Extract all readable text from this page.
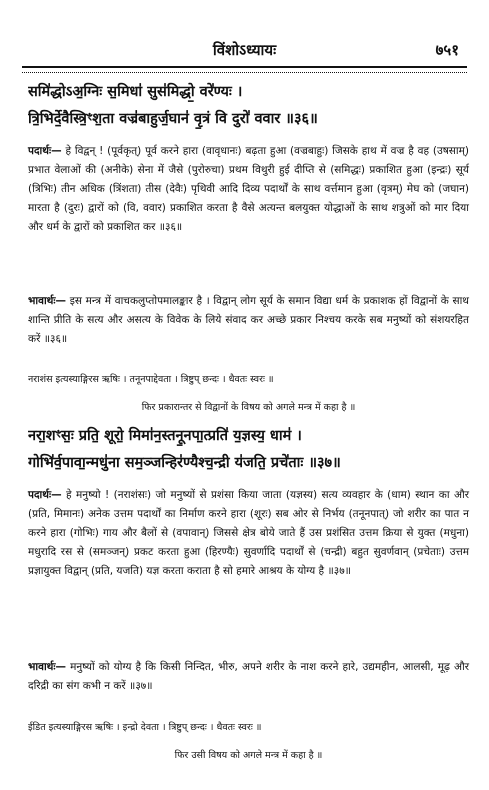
विंशोऽध्यायः	७५१
समि॑द्धोऽअ॒ग्निः स॒मिधा॑ सुस॑मिद्धो॒ वरे॑ण्यः ।
त्रि॒भिर्दे॒वैस्त्रि॒ꣳश॒ता वज्र॑बाहुर्ज॒घान॑ वृ॒त्रं वि दुरो॑ ववार ॥३६॥
पदार्थः— हे विद्वन् ! (पूर्वकृत्) पूर्व करने हारा (वावृधानः) बढ़ता हुआ (वज्रबाहुः) जिसके हाथ में वज्र है वह (उषसाम्) प्रभात वेलाओं की (अनीके) सेना में जैसे (पुरोरुचा) प्रथम विथुरी हुई दीप्ति से (समिद्धः) प्रकाशित हुआ (इन्द्रः) सूर्य (त्रिभिः) तीन अधिक (त्रिंशता) तीस (देवैः) पृथिवी आदि दिव्य पदार्थों के साथ वर्त्तमान हुआ (वृत्रम्) मेघ को (जघान) मारता है (दुरः) द्वारों को (वि, ववार) प्रकाशित करता है वैसे अत्यन्त बलयुक्त योद्धाओं के साथ शत्रुओं को मार दिया और धर्म के द्वारों को प्रकाशित कर ॥३६॥
भावार्थः— इस मन्त्र में वाचकलुप्तोपमालङ्कार है । विद्वान् लोग सूर्य के समान विद्या धर्म के प्रकाशक हों विद्वानों के साथ शान्ति प्रीति के सत्य और असत्य के विवेक के लिये संवाद कर अच्छे प्रकार निश्चय करके सब मनुष्यों को संशयरहित करें ॥३६॥
नराशंस इत्यस्याङ्गिरस ऋषिः । तनूनपाद्देवता । त्रिष्टुप् छन्दः । धैवतः स्वरः ॥
फिर प्रकारान्तर से विद्वानों के विषय को अगले मन्त्र में कहा है ॥
नरा॒शꣳसः॒ प्रति॒ शूरो॒ मिमा॑न॒स्तनू॒नपा॒त्प्रति॑ य॒ज्ञस्य॒ धाम॑ ।
गोभि॑र्व॒पावा॒न्मधु॑ना सम॒ञ्जन्हिर॑ण्यैश्च॒न्द्री य॑जति॒ प्रचे॑ताः ॥३७॥
पदार्थः— हे मनुष्यो ! (नराशंसः) जो मनुष्यों से प्रशंसा किया जाता (यज्ञस्य) सत्य व्यवहार के (धाम) स्थान का और (प्रति, मिमानः) अनेक उत्तम पदार्थों का निर्माण करने हारा (शूरः) सब ओर से निर्भय (तनूनपात्) जो शरीर का पात न करने हारा (गोभिः) गाय और बैलों से (वपावान्) जिससे क्षेत्र बोये जाते हैं उस प्रशंसित उत्तम क्रिया से युक्त (मधुना) मधुरादि रस से (समञ्जन्) प्रकट करता हुआ (हिरण्यैः) सुवर्णादि पदार्थों से (चन्द्री) बहुत सुवर्णवान् (प्रचेताः) उत्तम प्रज्ञायुक्त विद्वान् (प्रति, यजति) यज्ञ करता कराता है सो हमारे आश्रय के योग्य है ॥३७॥
भावार्थः— मनुष्यों को योग्य है कि किसी निन्दित, भीरु, अपने शरीर के नाश करने हारे, उद्यमहीन, आलसी, मूढ़ और दरिद्री का संग कभी न करें ॥३७॥
ईडित इत्यस्याङ्गिरस ऋषिः । इन्द्रो देवता । त्रिष्टुप् छन्दः । धैवतः स्वरः ॥
फिर उसी विषय को अगले मन्त्र में कहा है ॥
